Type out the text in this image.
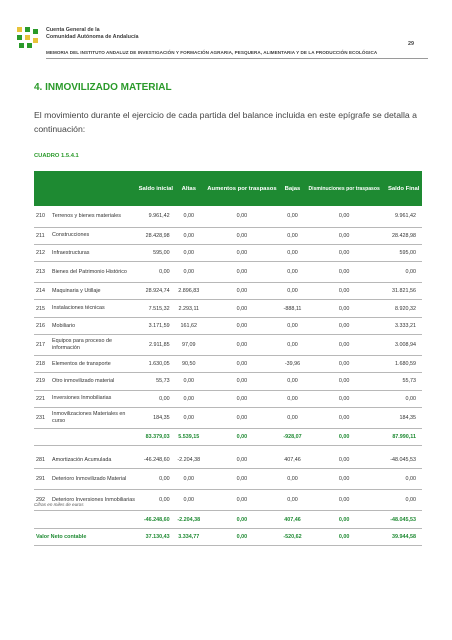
Cuenta General de la
Comunidad Autónoma de Andalucía
29
MEMORIA DEL INSTITUTO ANDALUZ DE INVESTIGACIÓN Y FORMACIÓN AGRARIA, PESQUERA, ALIMENTARIA Y DE LA PRODUCCIÓN ECOLÓGICA
4. INMOVILIZADO MATERIAL
El movimiento durante el ejercicio de cada partida del balance incluida en este epígrafe se detalla a continuación:
CUADRO 1.5.4.1
		Saldo inicial	Altas	Aumentos por traspasos	Bajas	Disminuciones por traspasos	Saldo Final
210	Terrenos y bienes materiales	9.961,42	0,00	0,00	0,00	0,00	9.961,42
211	Construcciones	28.428,98	0,00	0,00	0,00	0,00	28.428,98
212	Infraestructuras	595,00	0,00	0,00	0,00	0,00	595,00
213	Bienes del Patrimonio Histórico	0,00	0,00	0,00	0,00	0,00	0,00
214	Maquinaria y Utillaje	28.924,74	2.896,83	0,00	0,00	0,00	31.821,56
215	Instalaciones técnicas	7.515,32	2.293,11	0,00	-888,11	0,00	8.920,32
216	Mobiliario	3.171,59	161,62	0,00	0,00	0,00	3.333,21
217	Equipos para proceso de información	2.911,85	97,09	0,00	0,00	0,00	3.008,94
218	Elementos de transporte	1.630,05	90,50	0,00	-39,96	0,00	1.680,59
219	Otro inmovilizado material	55,73	0,00	0,00	0,00	0,00	55,73
221	Inversiones Inmobiliarias	0,00	0,00	0,00	0,00	0,00	0,00
231	Inmovilizaciones Materiales en curso	184,35	0,00	0,00	0,00	0,00	184,35
		83.379,03	5.539,15	0,00	-928,07	0,00	87.990,11

281	Amortización Acumulada	-46.248,60	-2.204,38	0,00	407,46	0,00	-48.045,53
291	Deterioro Inmovilizado Material	0,00	0,00	0,00	0,00	0,00	0,00
292	Deterioro Inversiones Inmobiliarias	0,00	0,00	0,00	0,00	0,00	0,00
		-46.248,60	-2.204,38	0,00	407,46	0,00	-48.045,53
Valor Neto contable		37.130,43	3.334,77	0,00	-520,62	0,00	39.944,58
Cifras en miles de euros
